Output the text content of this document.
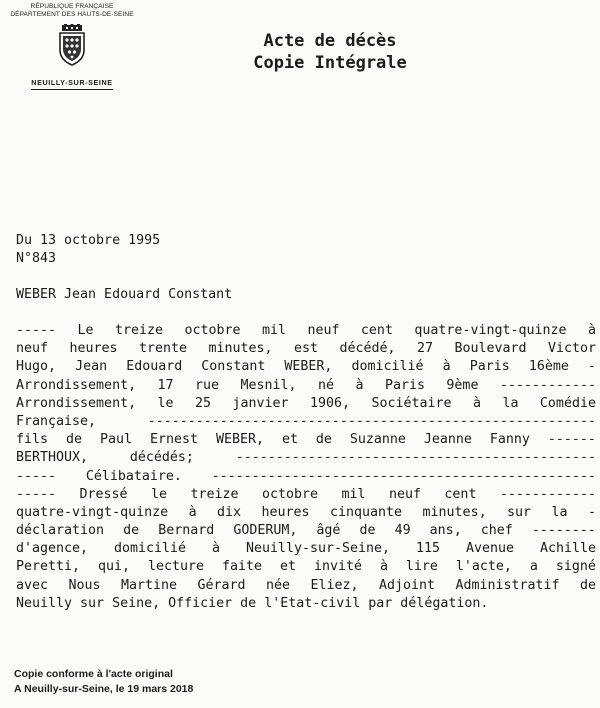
RÉPUBLIQUE FRANÇAISE
DÉPARTEMENT DES HAUTS-DE-SEINE
NEUILLY-SUR-SEINE
Acte de décès
Copie Intégrale
Du 13 octobre 1995
N°843
WEBER Jean Edouard Constant
----- Le treize octobre mil neuf cent quatre-vingt-quinze à
neuf heures trente minutes, est décédé, 27 Boulevard Victor
Hugo, Jean Edouard Constant WEBER, domicilié à Paris 16ème -
Arrondissement, 17 rue Mesnil, né à Paris 9ème ------------
Arrondissement, le 25 janvier 1906, Sociétaire à la Comédie
Française,	--------------------------------------------------------
fils de Paul Ernest WEBER, et de Suzanne Jeanne Fanny ------
BERTHOUX,	décédés;	---------------------------------------------
----- Célibataire. ------------------------------------------------
----- Dressé le treize octobre mil neuf cent ------------
quatre-vingt-quinze à dix heures cinquante minutes, sur la -
déclaration de Bernard GODERUM, âgé de 49 ans, chef --------
d'agence, domicilié à Neuilly-sur-Seine, 115 Avenue Achille
Peretti, qui, lecture faite et invité à lire l'acte, a signé
avec Nous Martine Gérard née Eliez, Adjoint Administratif de
Neuilly sur Seine, Officier de l'Etat-civil par délégation.
Copie conforme à l'acte original
A Neuilly-sur-Seine, le 19 mars 2018
